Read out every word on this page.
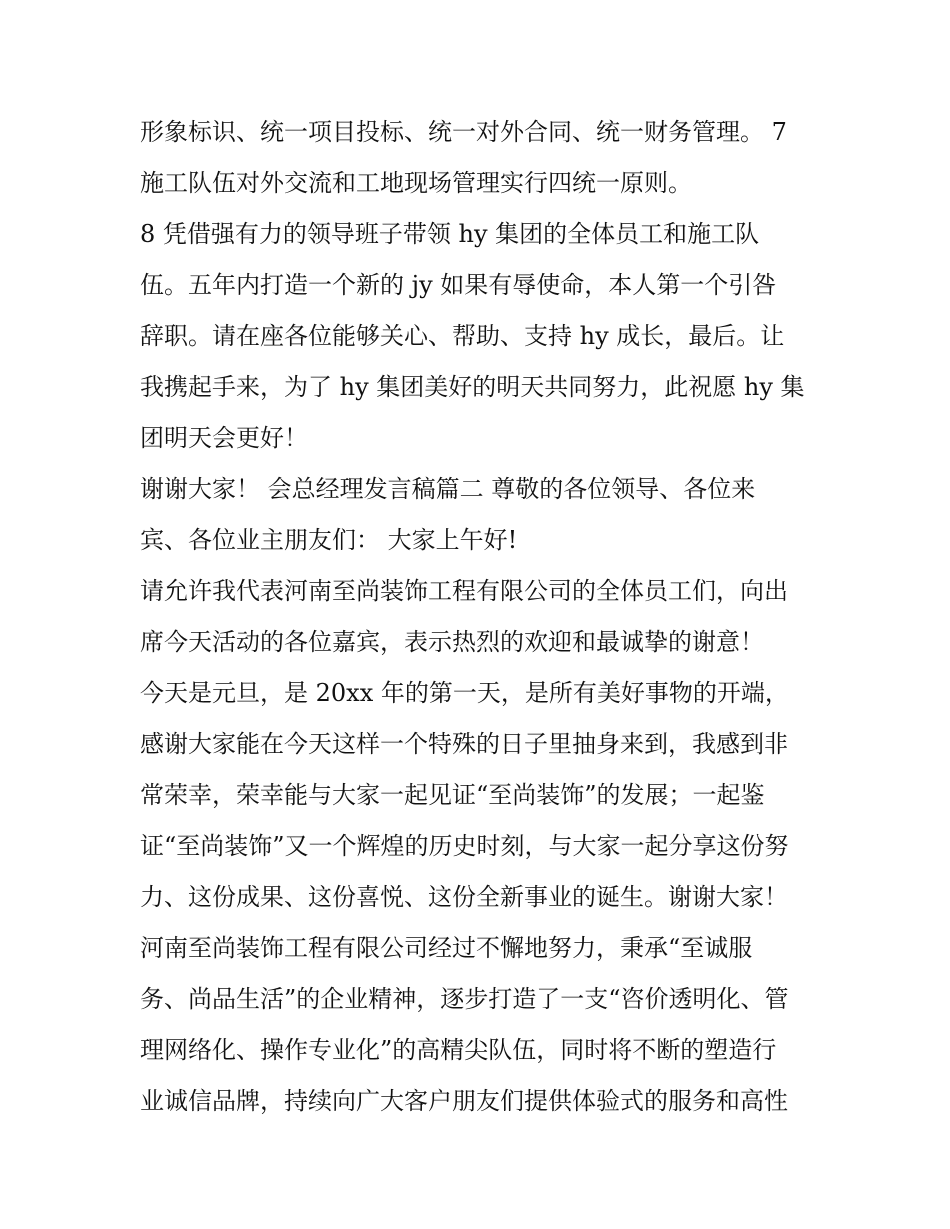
形象标识、统一项目投标、统一对外合同、统一财务管理。 7
施工队伍对外交流和工地现场管理实行四统一原则。
8 凭借强有力的领导班子带领 hy 集团的全体员工和施工队
伍。五年内打造一个新的 jy 如果有辱使命，本人第一个引咎
辞职。请在座各位能够关心、帮助、支持 hy 成长，最后。让
我携起手来，为了 hy 集团美好的明天共同努力，此祝愿 hy 集
团明天会更好！
谢谢大家！ 会总经理发言稿篇二 尊敬的各位领导、各位来
宾、各位业主朋友们： 大家上午好!
请允许我代表河南至尚装饰工程有限公司的全体员工们，向出
席今天活动的各位嘉宾，表示热烈的欢迎和最诚挚的谢意！
今天是元旦，是 20xx 年的第一天，是所有美好事物的开端，
感谢大家能在今天这样一个特殊的日子里抽身来到，我感到非
常荣幸，荣幸能与大家一起见证“至尚装饰”的发展；一起鉴
证“至尚装饰”又一个辉煌的历史时刻，与大家一起分享这份努
力、这份成果、这份喜悦、这份全新事业的诞生。谢谢大家！
河南至尚装饰工程有限公司经过不懈地努力，秉承“至诚服
务、尚品生活”的企业精神，逐步打造了一支“咨价透明化、管
理网络化、操作专业化”的高精尖队伍，同时将不断的塑造行
业诚信品牌，持续向广大客户朋友们提供体验式的服务和高性
